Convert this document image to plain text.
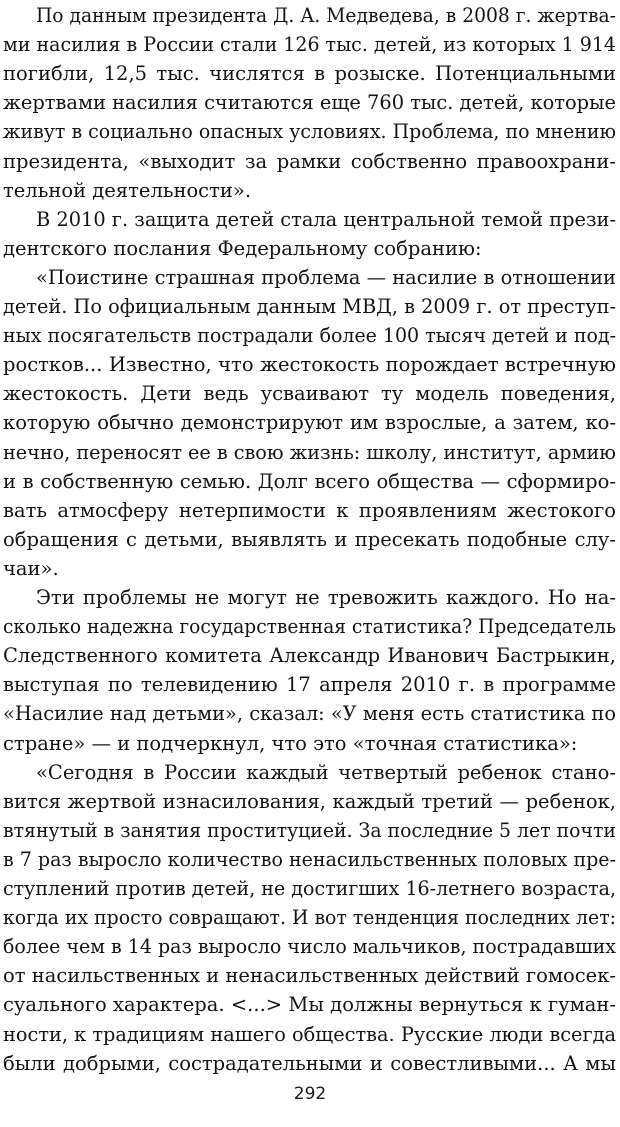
По данным президента Д. А. Медведева, в 2008 г. жертва-
ми насилия в России стали 126 тыс. детей, из которых 1 914
погибли, 12,5 тыс. числятся в розыске. Потенциальными
жертвами насилия считаются еще 760 тыс. детей, которые
живут в социально опасных условиях. Проблема, по мнению
президента, «выходит за рамки собственно правоохрани-
тельной деятельности».
В 2010 г. защита детей стала центральной темой прези-
дентского послания Федеральному собранию:
«Поистине страшная проблема — насилие в отношении
детей. По официальным данным МВД, в 2009 г. от преступ-
ных посягательств пострадали более 100 тысяч детей и под-
ростков... Известно, что жестокость порождает встречную
жестокость. Дети ведь усваивают ту модель поведения,
которую обычно демонстрируют им взрослые, а затем, ко-
нечно, переносят ее в свою жизнь: школу, институт, армию
и в собственную семью. Долг всего общества — сформиро-
вать атмосферу нетерпимости к проявлениям жестокого
обращения с детьми, выявлять и пресекать подобные слу-
чаи».
Эти проблемы не могут не тревожить каждого. Но на-
сколько надежна государственная статистика? Председатель
Следственного комитета Александр Иванович Бастрыкин,
выступая по телевидению 17 апреля 2010 г. в программе
«Насилие над детьми», сказал: «У меня есть статистика по
стране» — и подчеркнул, что это «точная статистика»:
«Сегодня в России каждый четвертый ребенок стано-
вится жертвой изнасилования, каждый третий — ребенок,
втянутый в занятия проституцией. За последние 5 лет почти
в 7 раз выросло количество ненасильственных половых пре-
ступлений против детей, не достигших 16-летнего возраста,
когда их просто совращают. И вот тенденция последних лет:
более чем в 14 раз выросло число мальчиков, пострадавших
от насильственных и ненасильственных действий гомосек-
суального характера. <...> Мы должны вернуться к гуман-
ности, к традициям нашего общества. Русские люди всегда
были добрыми, сострадательными и совестливыми... А мы
292
